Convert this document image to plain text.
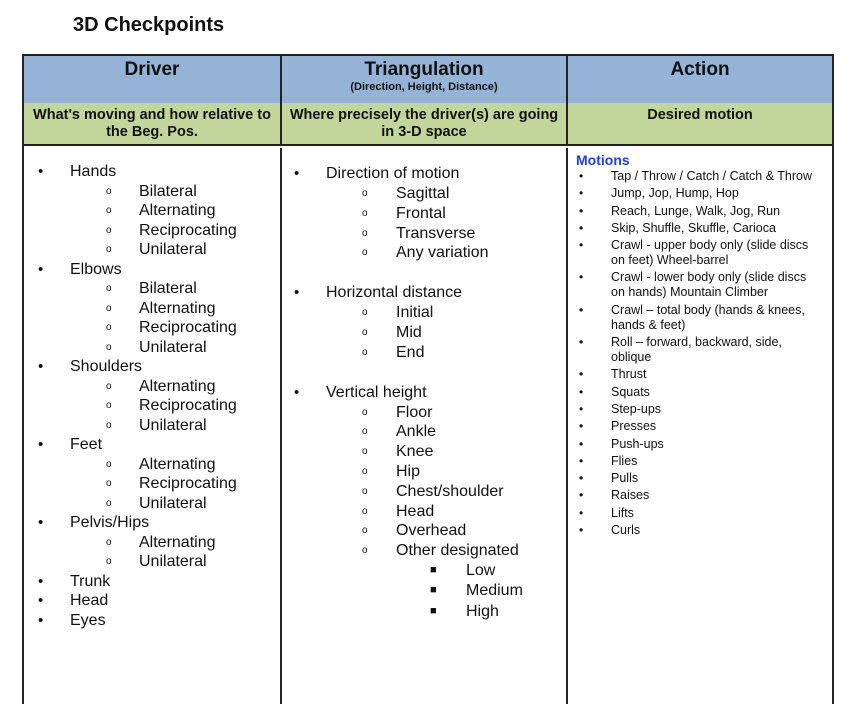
3D Checkpoints
Driver	Triangulation
(Direction, Height, Distance)
Action
What's moving and how relative to the Beg. Pos.
Where precisely the driver(s) are going in 3-D space
Desired motion
• Hands
o Bilateral
o Alternating
o Reciprocating
o Unilateral
• Elbows
o Bilateral
o Alternating
o Reciprocating
o Unilateral
• Shoulders
o Alternating
o Reciprocating
o Unilateral
• Feet
o Alternating
o Reciprocating
o Unilateral
• Pelvis/Hips
o Alternating
o Unilateral
• Trunk
• Head
• Eyes
• Direction of motion
o Sagittal
o Frontal
o Transverse
o Any variation
• Horizontal distance
o Initial
o Mid
o End
• Vertical height
o Floor
o Ankle
o Knee
o Hip
o Chest/shoulder
o Head
o Overhead
o Other designated
■ Low
■ Medium
■ High
Motions
• Tap / Throw / Catch / Catch & Throw
• Jump, Jop, Hump, Hop
• Reach, Lunge, Walk, Jog, Run
• Skip, Shuffle, Skuffle, Carioca
• Crawl - upper body only (slide discs on feet) Wheel-barrel
• Crawl - lower body only (slide discs on hands) Mountain Climber
• Crawl – total body (hands & knees, hands & feet)
• Roll – forward, backward, side, oblique
• Thrust
• Squats
• Step-ups
• Presses
• Push-ups
• Flies
• Pulls
• Raises
• Lifts
• Curls
